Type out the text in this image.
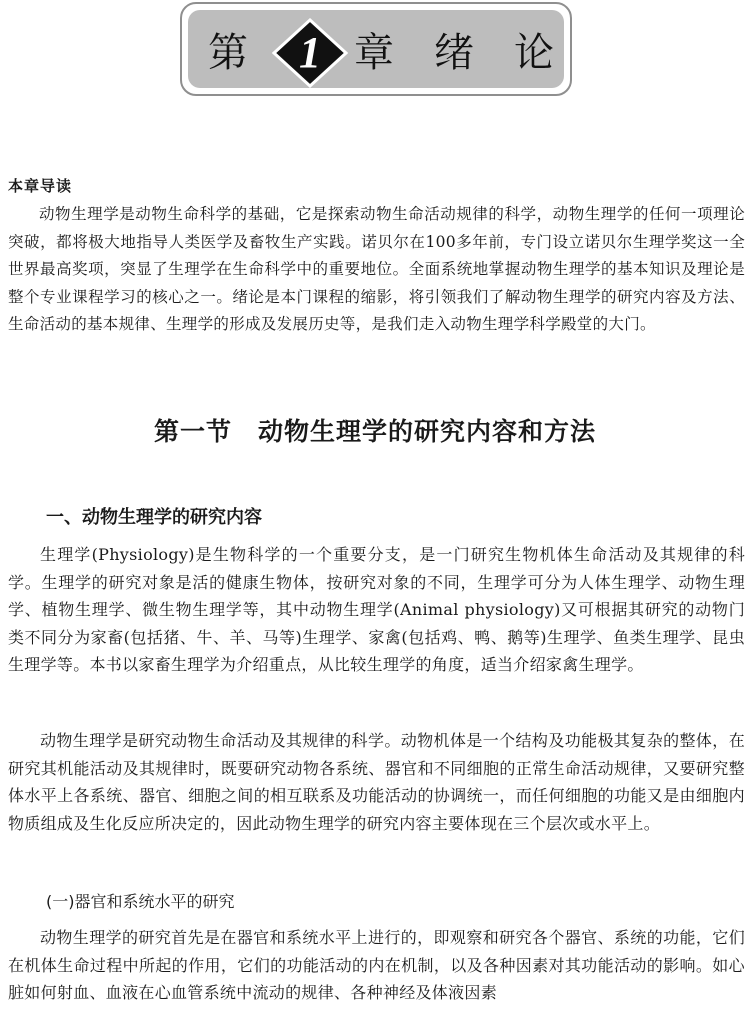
第	1 章 绪 论
本章导读

动物生理学是动物生命科学的基础，它是探索动物生命活动规律的科学，动物生理学的任何一项理论突破，都将极大地指导人类医学及畜牧生产实践。诺贝尔在100多年前，专门设立诺贝尔生理学奖这一全世界最高奖项，突显了生理学在生命科学中的重要地位。全面系统地掌握动物生理学的基本知识及理论是整个专业课程学习的核心之一。绪论是本门课程的缩影，将引领我们了解动物生理学的研究内容及方法、生命活动的基本规律、生理学的形成及发展历史等，是我们走入动物生理学科学殿堂的大门。

第一节　动物生理学的研究内容和方法
一、动物生理学的研究内容

生理学(Physiology)是生物科学的一个重要分支，是一门研究生物机体生命活动及其规律的科学。生理学的研究对象是活的健康生物体，按研究对象的不同，生理学可分为人体生理学、动物生理学、植物生理学、微生物生理学等，其中动物生理学(Animal physiology)又可根据其研究的动物门类不同分为家畜(包括猪、牛、羊、马等)生理学、家禽(包括鸡、鸭、鹅等)生理学、鱼类生理学、昆虫生理学等。本书以家畜生理学为介绍重点，从比较生理学的角度，适当介绍家禽生理学。

动物生理学是研究动物生命活动及其规律的科学。动物机体是一个结构及功能极其复杂的整体，在研究其机能活动及其规律时，既要研究动物各系统、器官和不同细胞的正常生命活动规律，又要研究整体水平上各系统、器官、细胞之间的相互联系及功能活动的协调统一，而任何细胞的功能又是由细胞内物质组成及生化反应所决定的，因此动物生理学的研究内容主要体现在三个层次或水平上。

(一)器官和系统水平的研究

动物生理学的研究首先是在器官和系统水平上进行的，即观察和研究各个器官、系统的功能，它们在机体生命过程中所起的作用，它们的功能活动的内在机制，以及各种因素对其功能活动的影响。如心脏如何射血、血液在心血管系统中流动的规律、各种神经及体液因素
